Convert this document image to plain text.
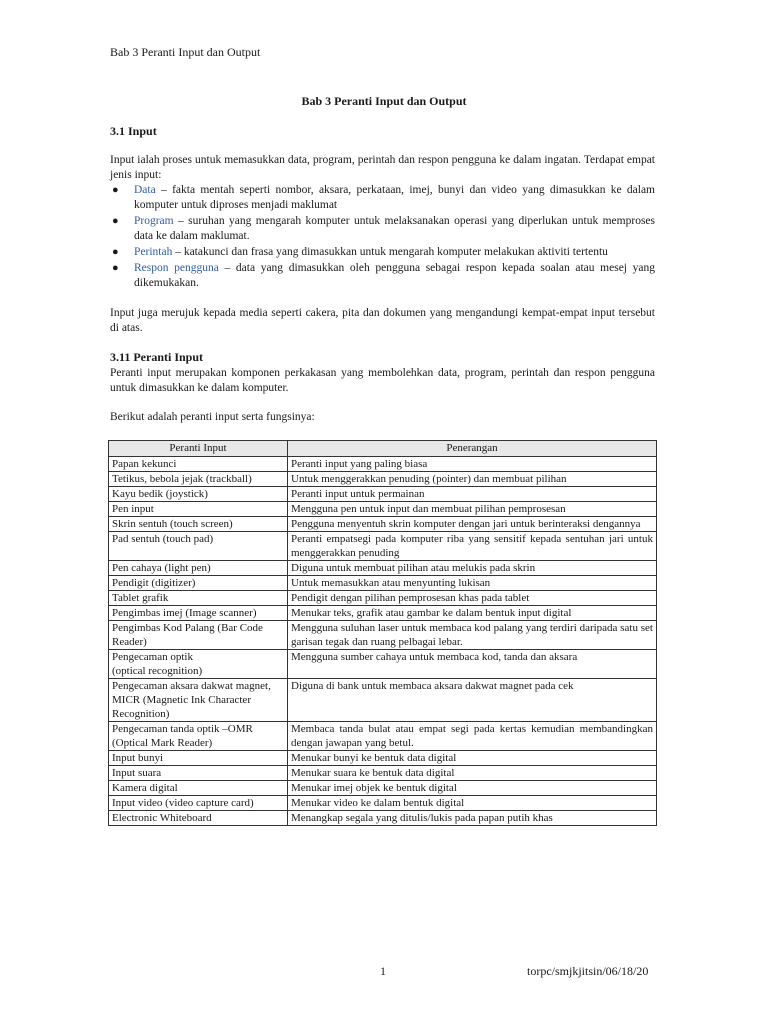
Bab 3 Peranti Input dan Output
Bab 3 Peranti Input dan Output
3.1 Input
Input ialah proses untuk memasukkan data, program, perintah dan respon pengguna ke dalam ingatan. Terdapat empat jenis input:
● Data – fakta mentah seperti nombor, aksara, perkataan, imej, bunyi dan video yang dimasukkan ke dalam komputer untuk diproses menjadi maklumat
● Program – suruhan yang mengarah komputer untuk melaksanakan operasi yang diperlukan untuk memproses data ke dalam maklumat.
● Perintah – katakunci dan frasa yang dimasukkan untuk mengarah komputer melakukan aktiviti tertentu
● Respon pengguna – data yang dimasukkan oleh pengguna sebagai respon kepada soalan atau mesej yang dikemukakan.
Input juga merujuk kepada media seperti cakera, pita dan dokumen yang mengandungi kempat-empat input tersebut di atas.
3.11 Peranti Input
Peranti input merupakan komponen perkakasan yang membolehkan data, program, perintah dan respon pengguna untuk dimasukkan ke dalam komputer.
Berikut adalah peranti input serta fungsinya:
Peranti Input	Penerangan
Papan kekunci	Peranti input yang paling biasa
Tetikus, bebola jejak (trackball)	Untuk menggerakkan penuding (pointer) dan membuat pilihan
Kayu bedik (joystick)	Peranti input untuk permainan
Pen input	Mengguna pen untuk input dan membuat pilihan pemprosesan
Skrin sentuh (touch screen)	Pengguna menyentuh skrin komputer dengan jari untuk berinteraksi dengannya
Pad sentuh (touch pad)	Peranti empatsegi pada komputer riba yang sensitif kepada sentuhan jari untuk menggerakkan penuding
Pen cahaya (light pen)	Diguna untuk membuat pilihan atau melukis pada skrin
Pendigit (digitizer)	Untuk memasukkan atau menyunting lukisan
Tablet grafik	Pendigit dengan pilihan pemprosesan khas pada tablet
Pengimbas imej (Image scanner)	Menukar teks, grafik atau gambar ke dalam bentuk input digital
Pengimbas Kod Palang (Bar Code Reader)	Mengguna suluhan laser untuk membaca kod palang yang terdiri daripada satu set garisan tegak dan ruang pelbagai lebar.
Pengecaman optik
(optical recognition)	Mengguna sumber cahaya untuk membaca kod, tanda dan aksara
Pengecaman aksara dakwat magnet, MICR (Magnetic Ink Character Recognition)	Diguna di bank untuk membaca aksara dakwat magnet pada cek
Pengecaman tanda optik –OMR (Optical Mark Reader)	Membaca tanda bulat atau empat segi pada kertas kemudian membandingkan dengan jawapan yang betul.
Input bunyi	Menukar bunyi ke bentuk data digital
Input suara	Menukar suara ke bentuk data digital
Kamera digital	Menukar imej objek ke bentuk digital
Input video (video capture card)	Menukar video ke dalam bentuk digital
Electronic Whiteboard	Menangkap segala yang ditulis/lukis pada papan putih khas
1	torpc/smjkjitsin/06/18/20
